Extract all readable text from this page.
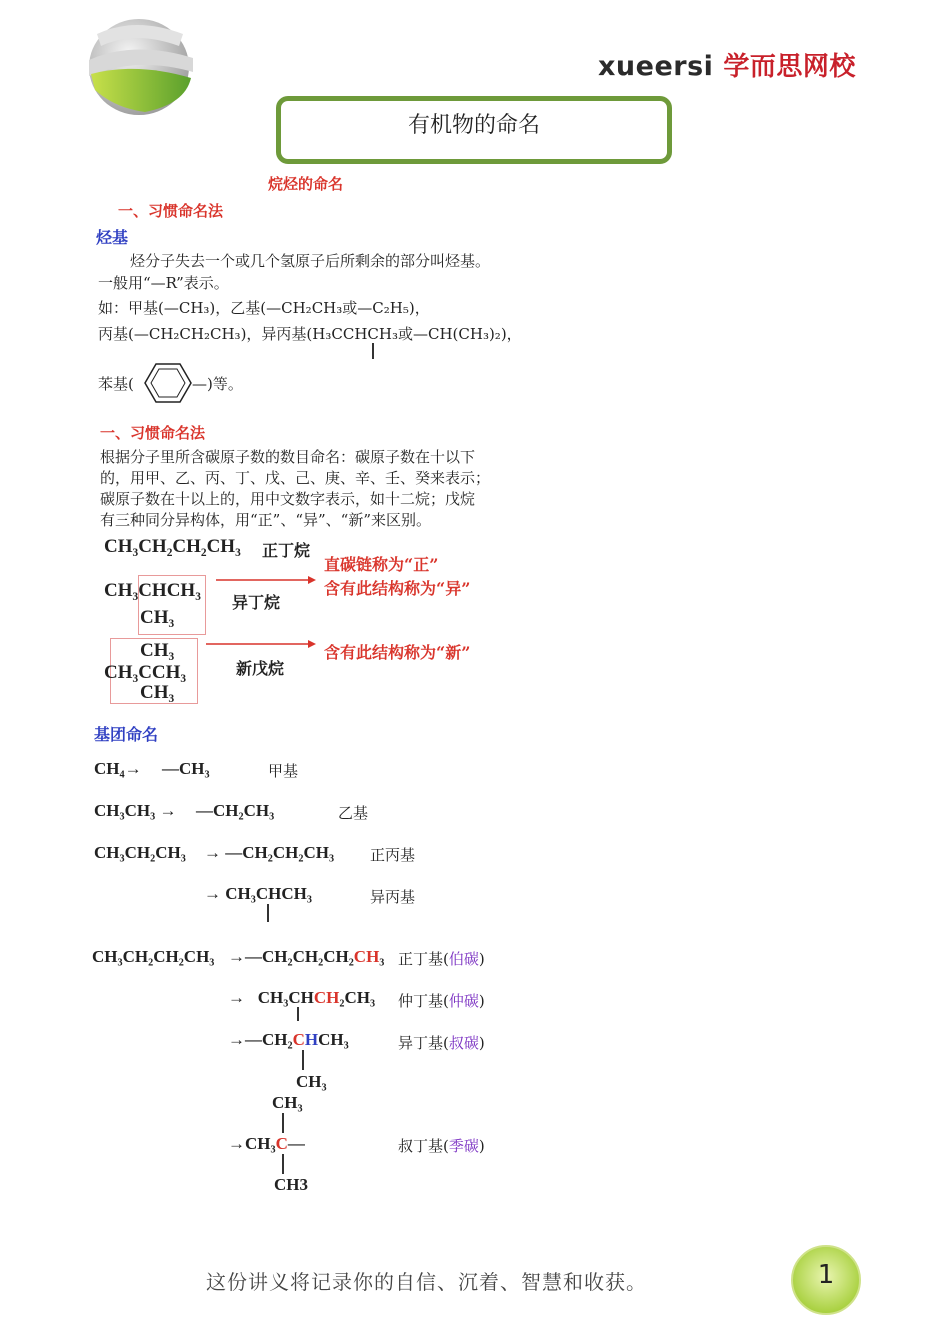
xueersi 学而思网校
有机物的命名
烷烃的命名
一、习惯命名法
烃基
烃分子失去一个或几个氢原子后所剩余的部分叫烃基。
一般用“—R”表示。
如：甲基(—CH₃)，乙基(—CH₂CH₃或—C₂H₅)，
丙基(—CH₂CH₂CH₃)，异丙基(H₃CCHCH₃或—CH(CH₃)₂)，
苯基(	—)等。
一、习惯命名法
根据分子里所含碳原子数的数目命名：碳原子数在十以下
的，用甲、乙、丙、丁、戊、己、庚、辛、壬、癸来表示；
碳原子数在十以上的，用中文数字表示，如十二烷；戊烷
有三种同分异构体，用“正”、“异”、“新”来区别。
CH₃CH₂CH₂CH₃ 正丁烷
直碳链称为“正”
CH₃CHCH₃
CH₃
异丁烷
含有此结构称为“异”
CH₃
CH₃CCH₃
CH₃
新戊烷
含有此结构称为“新”
基团命名
CH₄→ —CH₃	甲基
CH₃CH₃ → —CH₂CH₃	乙基
CH₃CH₂CH₃ → —CH₂CH₂CH₃ 正丙基
→ CH₃CHCH₃	异丙基
CH₃CH₂CH₂CH₃ →—CH₂CH₂CH₂CH₃ 正丁基(伯碳)
→   CH₃CHCH₂CH₃ 仲丁基(仲碳)
→—CH₂CHCH₃
CH₃
异丁基(叔碳)
CH₃
→CH₃C—
CH3
叔丁基(季碳)
这份讲义将记录你的自信、沉着、智慧和收获。	1
